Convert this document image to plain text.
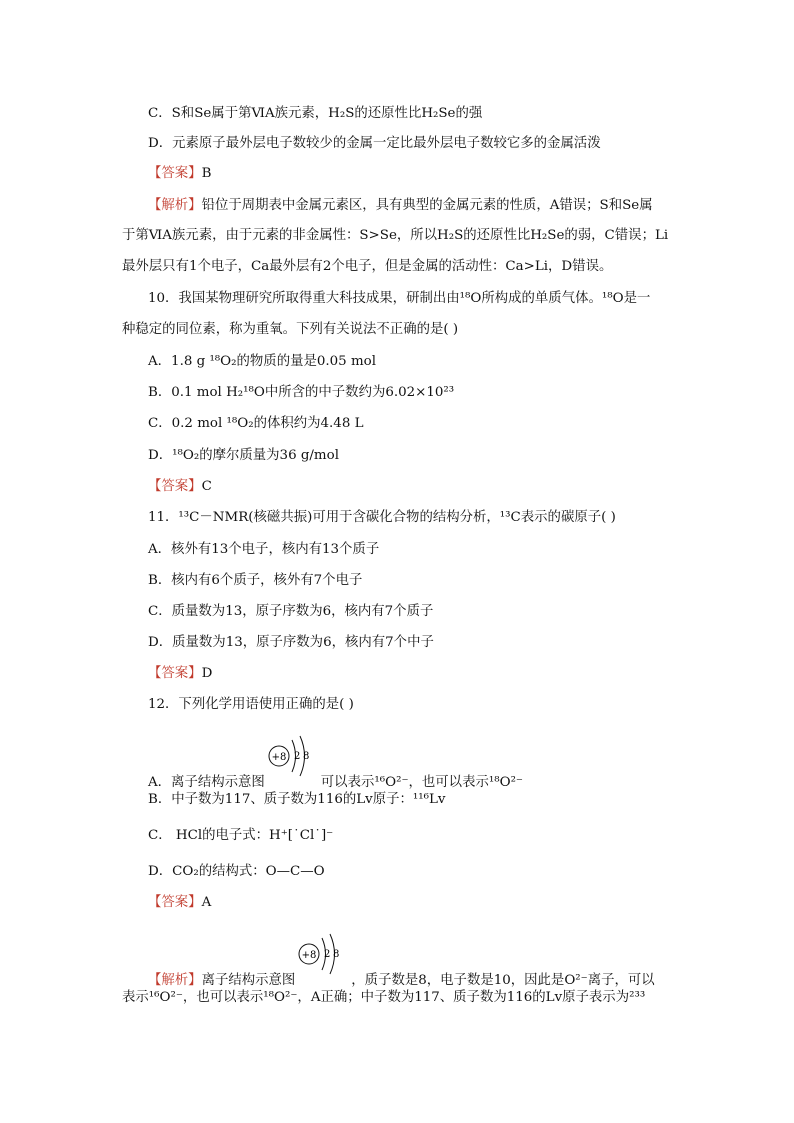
C．S和Se属于第ⅥA族元素，H₂S的还原性比H₂Se的强
D．元素原子最外层电子数较少的金属一定比最外层电子数较它多的金属活泼
【答案】B
【解析】铅位于周期表中金属元素区，具有典型的金属元素的性质，A错误；S和Se属
于第ⅥA族元素，由于元素的非金属性：S>Se，所以H₂S的还原性比H₂Se的弱，C错误；Li
最外层只有1个电子，Ca最外层有2个电子，但是金属的活动性：Ca>Li，D错误。
10．我国某物理研究所取得重大科技成果，研制出由¹⁸O所构成的单质气体。¹⁸O是一
种稳定的同位素，称为重氧。下列有关说法不正确的是( )
A．1.8 g ¹⁸O₂的物质的量是0.05 mol
B．0.1 mol H₂¹⁸O中所含的中子数约为6.02×10²³
C．0.2 mol ¹⁸O₂的体积约为4.48 L
D．¹⁸O₂的摩尔质量为36 g/mol
【答案】C
11．¹³C－NMR(核磁共振)可用于含碳化合物的结构分析，¹³C表示的碳原子( )
A．核外有13个电子，核内有13个质子
B．核内有6个质子，核外有7个电子
C．质量数为13，原子序数为6，核内有7个质子
D．质量数为13，原子序数为6，核内有7个中子
【答案】D
12．下列化学用语使用正确的是( )
A．离子结构示意图
+8 2 8
可以表示¹⁶O²⁻，也可以表示¹⁸O²⁻
B．中子数为117、质子数为116的Lv原子：¹¹⁶Lv
C． HCl的电子式：H⁺[˙Cl˙]⁻
D．CO₂的结构式：O—C—O
【答案】A
【解析】离子结构示意图
+8 2 8
，质子数是8，电子数是10，因此是O²⁻离子，可以
表示¹⁶O²⁻，也可以表示¹⁸O²⁻，A正确；中子数为117、质子数为116的Lv原子表示为²³³
